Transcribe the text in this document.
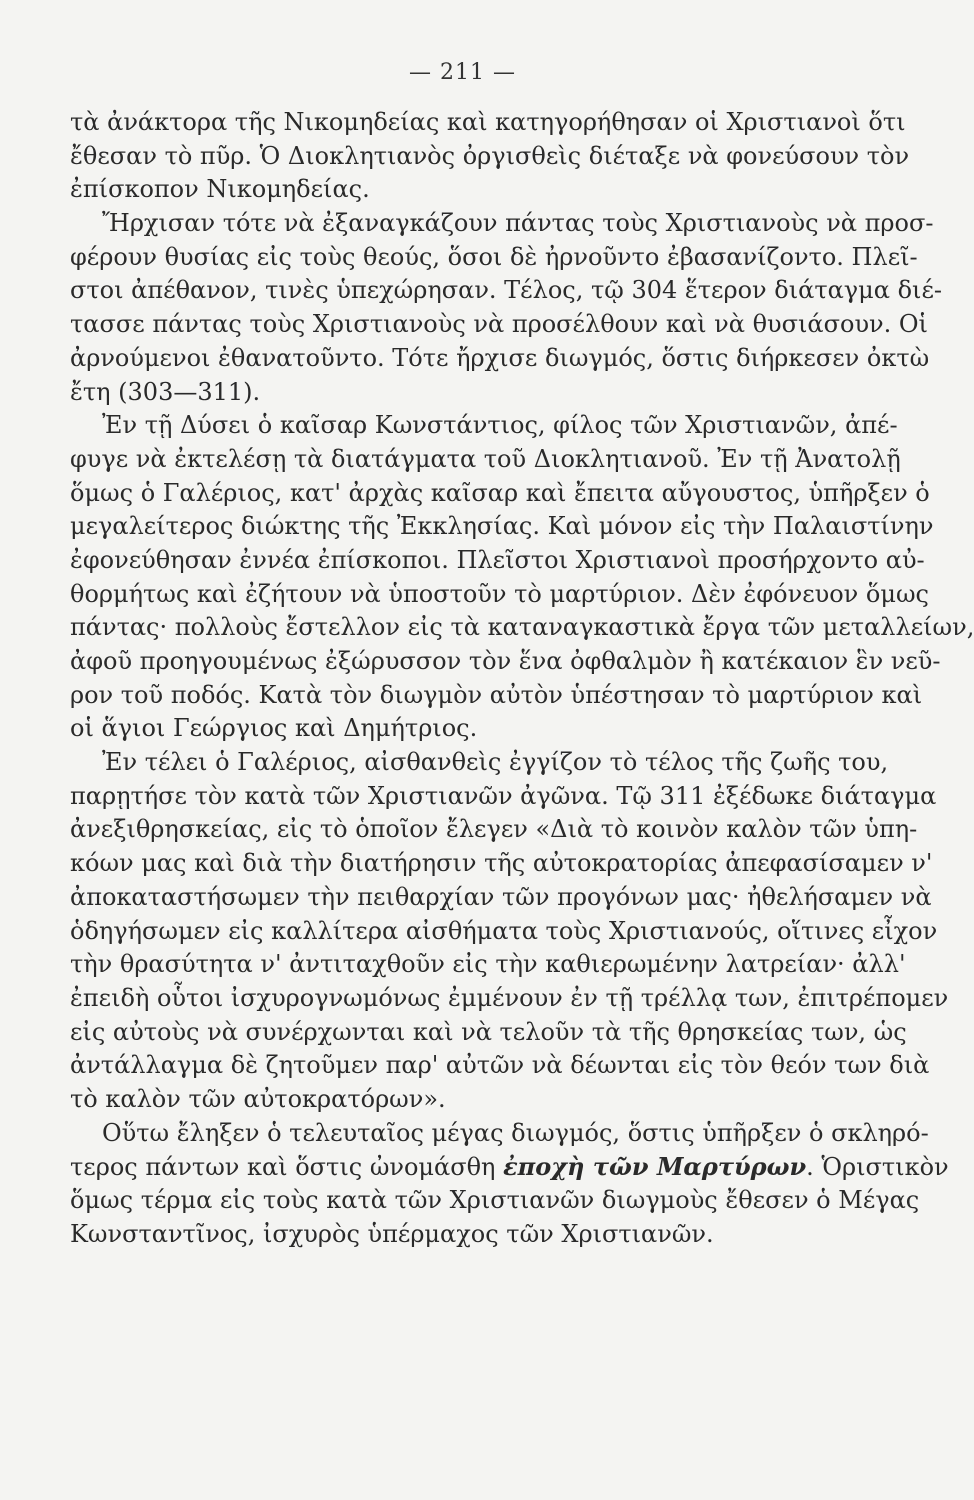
— 211 —
τὰ ἀνάκτορα τῆς Νικομηδείας καὶ κατηγορήθησαν οἱ Χριστιανοὶ ὅτι
ἔθεσαν τὸ πῦρ. Ὁ Διοκλητιανὸς ὀργισθεὶς διέταξε νὰ φονεύσουν τὸν
ἐπίσκοπον Νικομηδείας.
Ἤρχισαν τότε νὰ ἐξαναγκάζουν πάντας τοὺς Χριστιανοὺς νὰ προσ-
φέρουν θυσίας εἰς τοὺς θεούς, ὅσοι δὲ ἠρνοῦντο ἐβασανίζοντο. Πλεῖ-
στοι ἀπέθανον, τινὲς ὑπεχώρησαν. Τέλος, τῷ 304 ἕτερον διάταγμα διέ-
τασσε πάντας τοὺς Χριστιανοὺς νὰ προσέλθουν καὶ νὰ θυσιάσουν. Οἱ
ἀρνούμενοι ἐθανατοῦντο. Τότε ἤρχισε διωγμός, ὅστις διήρκεσεν ὀκτὼ
ἔτη (303—311).
Ἐν τῇ Δύσει ὁ καῖσαρ Κωνστάντιος, φίλος τῶν Χριστιανῶν, ἀπέ-
φυγε νὰ ἐκτελέσῃ τὰ διατάγματα τοῦ Διοκλητιανοῦ. Ἐν τῇ Ἀνατολῇ
ὅμως ὁ Γαλέριος, κατ' ἀρχὰς καῖσαρ καὶ ἔπειτα αὔγουστος, ὑπῆρξεν ὁ
μεγαλείτερος διώκτης τῆς Ἐκκλησίας. Καὶ μόνον εἰς τὴν Παλαιστίνην
ἐφονεύθησαν ἐννέα ἐπίσκοποι. Πλεῖστοι Χριστιανοὶ προσήρχοντο αὐ-
θορμήτως καὶ ἐζήτουν νὰ ὑποστοῦν τὸ μαρτύριον. Δὲν ἐφόνευον ὅμως
πάντας· πολλοὺς ἔστελλον εἰς τὰ καταναγκαστικὰ ἔργα τῶν μεταλλείων,
ἀφοῦ προηγουμένως ἐξώρυσσον τὸν ἕνα ὀφθαλμὸν ἢ κατέκαιον ἓν νεῦ-
ρον τοῦ ποδός. Κατὰ τὸν διωγμὸν αὐτὸν ὑπέστησαν τὸ μαρτύριον καὶ
οἱ ἅγιοι Γεώργιος καὶ Δημήτριος.
Ἐν τέλει ὁ Γαλέριος, αἰσθανθεὶς ἐγγίζον τὸ τέλος τῆς ζωῆς του,
παρῃτήσε τὸν κατὰ τῶν Χριστιανῶν ἀγῶνα. Τῷ 311 ἐξέδωκε διάταγμα
ἀνεξιθρησκείας, εἰς τὸ ὁποῖον ἔλεγεν «Διὰ τὸ κοινὸν καλὸν τῶν ὑπη-
κόων μας καὶ διὰ τὴν διατήρησιν τῆς αὐτοκρατορίας ἀπεφασίσαμεν ν'
ἀποκαταστήσωμεν τὴν πειθαρχίαν τῶν προγόνων μας· ἠθελήσαμεν νὰ
ὁδηγήσωμεν εἰς καλλίτερα αἰσθήματα τοὺς Χριστιανούς, οἵτινες εἶχον
τὴν θρασύτητα ν' ἀντιταχθοῦν εἰς τὴν καθιερωμένην λατρείαν· ἀλλ'
ἐπειδὴ οὗτοι ἰσχυρογνωμόνως ἐμμένουν ἐν τῇ τρέλλᾳ των, ἐπιτρέπομεν
εἰς αὐτοὺς νὰ συνέρχωνται καὶ νὰ τελοῦν τὰ τῆς θρησκείας των, ὡς
ἀντάλλαγμα δὲ ζητοῦμεν παρ' αὐτῶν νὰ δέωνται εἰς τὸν θεόν των διὰ
τὸ καλὸν τῶν αὐτοκρατόρων».
Οὕτω ἔληξεν ὁ τελευταῖος μέγας διωγμός, ὅστις ὑπῆρξεν ὁ σκληρό-
τερος πάντων καὶ ὅστις ὠνομάσθη ἐποχὴ τῶν Μαρτύρων. Ὁριστικὸν
ὅμως τέρμα εἰς τοὺς κατὰ τῶν Χριστιανῶν διωγμοὺς ἔθεσεν ὁ Μέγας
Κωνσταντῖνος, ἰσχυρὸς ὑπέρμαχος τῶν Χριστιανῶν.
